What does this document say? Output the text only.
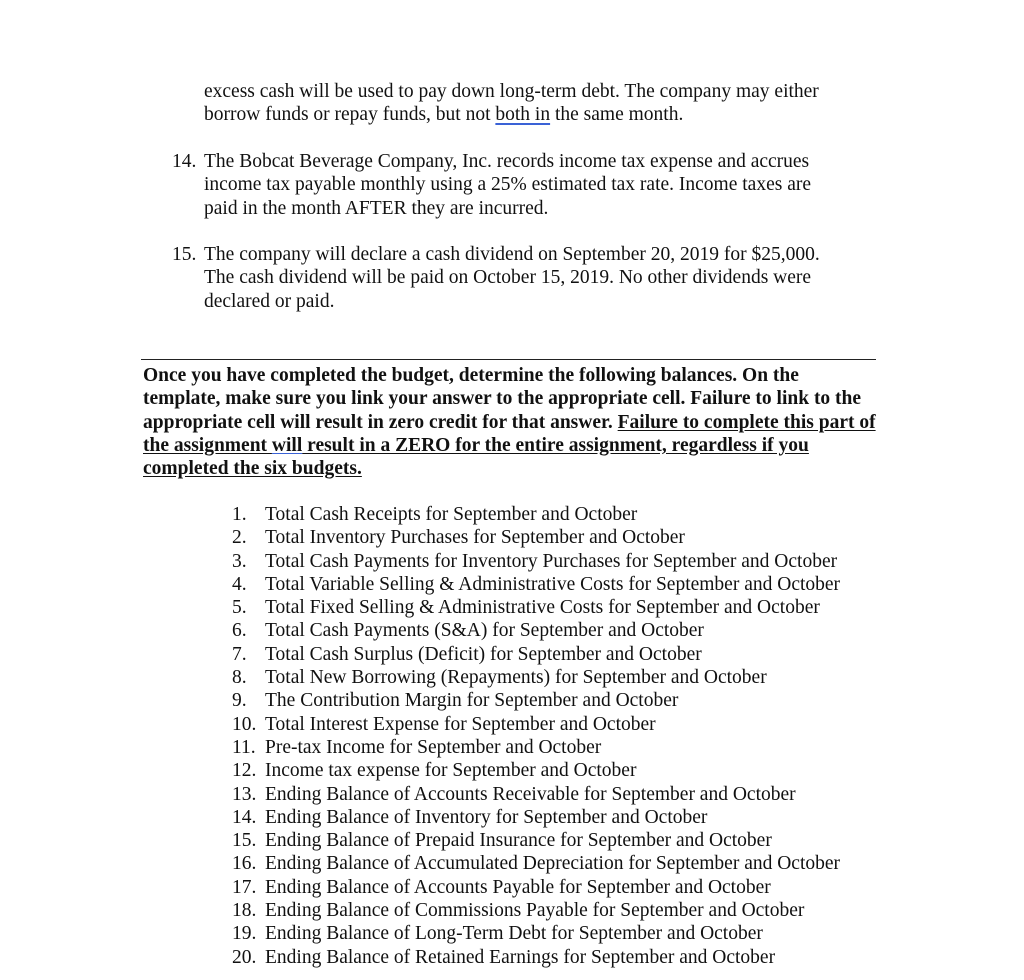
excess cash will be used to pay down long-term debt. The company may either
borrow funds or repay funds, but not both in the same month.
14. The Bobcat Beverage Company, Inc. records income tax expense and accrues
income tax payable monthly using a 25% estimated tax rate. Income taxes are
paid in the month AFTER they are incurred.
15. The company will declare a cash dividend on September 20, 2019 for $25,000.
The cash dividend will be paid on October 15, 2019. No other dividends were
declared or paid.

Once you have completed the budget, determine the following balances. On the template, make sure you link your answer to the appropriate cell. Failure to link to the appropriate cell will result in zero credit for that answer. Failure to complete this part of the assignment will result in a ZERO for the entire assignment, regardless if you completed the six budgets.

1. Total Cash Receipts for September and October
2. Total Inventory Purchases for September and October
3. Total Cash Payments for Inventory Purchases for September and October
4. Total Variable Selling & Administrative Costs for September and October
5. Total Fixed Selling & Administrative Costs for September and October
6. Total Cash Payments (S&A) for September and October
7. Total Cash Surplus (Deficit) for September and October
8. Total New Borrowing (Repayments) for September and October
9. The Contribution Margin for September and October
10. Total Interest Expense for September and October
11. Pre-tax Income for September and October
12. Income tax expense for September and October
13. Ending Balance of Accounts Receivable for September and October
14. Ending Balance of Inventory for September and October
15. Ending Balance of Prepaid Insurance for September and October
16. Ending Balance of Accumulated Depreciation for September and October
17. Ending Balance of Accounts Payable for September and October
18. Ending Balance of Commissions Payable for September and October
19. Ending Balance of Long-Term Debt for September and October
20. Ending Balance of Retained Earnings for September and October
